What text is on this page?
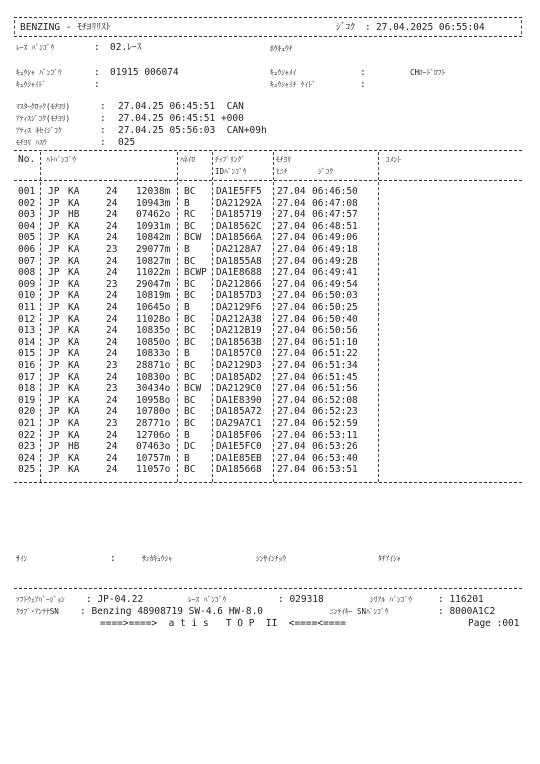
BENZING - ﾓﾁﾖﾘﾘｽﾄ	ｼﾞｺｸ : 27.04.2025 06:55:04
ﾚｰｽ ﾊﾞﾝｺﾞｳ	: 02.ﾚｰｽ	ﾎｳｷｭｳﾁ
ｷｭｳｼｬ ﾊﾞﾝｺﾞｳ	: 01915 006074	ｷｭｳｼｬﾒｲ	:	CHﾛｰﾄﾞﾛﾌﾄ
ｷｭｳｼｬｲﾄﾞ	:	ｷｭｳｼｬｲﾁ ｹｲﾄﾞ	:
ﾏｽﾀｰｸﾛｯｸ(ﾓﾁﾖﾘ)	: 27.04.25 06:45:51  CAN
ｱﾃｨｽｼﾞｺｸ(ﾓﾁﾖﾘ)	: 27.04.25 06:45:51 +000
ｱﾃｨｽ ｷｾｲｼﾞｺｸ	: 27.04.25 05:56:03  CAN+09h
ﾓﾁﾖﾘ ﾊｽｳ	: 025
No. ﾊﾄﾊﾞﾝｺﾞｳ	ﾊﾈｲﾛ	ﾁｯﾌﾟﾘﾝｸﾞ
IDﾊﾞﾝｺﾞｳ
ﾓﾁﾖﾘ
ﾋﾆﾁ	ｼﾞｺｸ
ｺﾒﾝﾄ
001 JP KA	24 12038m BC DA1E5FF5 27.04 06:46:50
002 JP KA	24 10943m B	DA21292A 27.04 06:47:08
003 JP HB	24 07462o RC DA185719 27.04 06:47:57
004 JP KA	24 10931m BC DA18562C 27.04 06:48:51
005 JP KA	24 10842m BCW DA18566A 27.04 06:49:06
006 JP KA	23 29077m B	DA2128A7 27.04 06:49:18
007 JP KA	24 10827m BC DA1855A8 27.04 06:49:28
008 JP KA	24 11022m BCWP DA1E8688 27.04 06:49:41
009 JP KA	23 29047m BC DA212866 27.04 06:49:54
010 JP KA	24 10819m BC DA1857D3 27.04 06:50:03
011 JP KA	24 10645o B	DA2129F6 27.04 06:50:25
012 JP KA	24 11028o BC DA212A38 27.04 06:50:40
013 JP KA	24 10835o BC DA212B19 27.04 06:50:56
014 JP KA	24 10850o BC DA18563B 27.04 06:51:10
015 JP KA	24 10833o B	DA1857C0 27.04 06:51:22
016 JP KA	23 28871o BC DA2129D3 27.04 06:51:34
017 JP KA	24 10830o BC DA185AD2 27.04 06:51:45
018 JP KA	23 30434o BCW DA2129C0 27.04 06:51:56
019 JP KA	24 10958o BC DA1E8390 27.04 06:52:08
020 JP KA	24 10780o BC DA185A72 27.04 06:52:23
021 JP KA	23 28771o BC DA29A7C1 27.04 06:52:59
022 JP KA	24 12706o B	DA185F06 27.04 06:53:11
023 JP HB	24 07463o DC DA1E5FC0 27.04 06:53:26
024 JP KA	24 10757m B	DA1E85EB 27.04 06:53:40
025 JP KA	24 11057o BC DA185668 27.04 06:53:51
ｻｲﾝ	:	ｻﾝｶｷｭｳｼｬ	ｼﾝｻｲﾝﾁｮｳ	ﾀﾁｱｲｼｬ
ｿﾌﾄｳｪｱﾊﾞｰｼﾞｮﾝ : JP-04.22	ﾚｰｽ ﾊﾞﾝｺﾞｳ	: 029318	ｼﾘｱﾙ ﾊﾞﾝｺﾞｳ	: 116201
ｸﾗﾌﾞ･ｱﾝﾃﾅSN : Benzing 48908719 SW-4.6 HW-8.0	ﾆﾝﾃｲｷｰ SNﾊﾞﾝｺﾞｳ	: 8000A1C2
====>====>  a t i s   T O P  II  <====<====	Page :001
